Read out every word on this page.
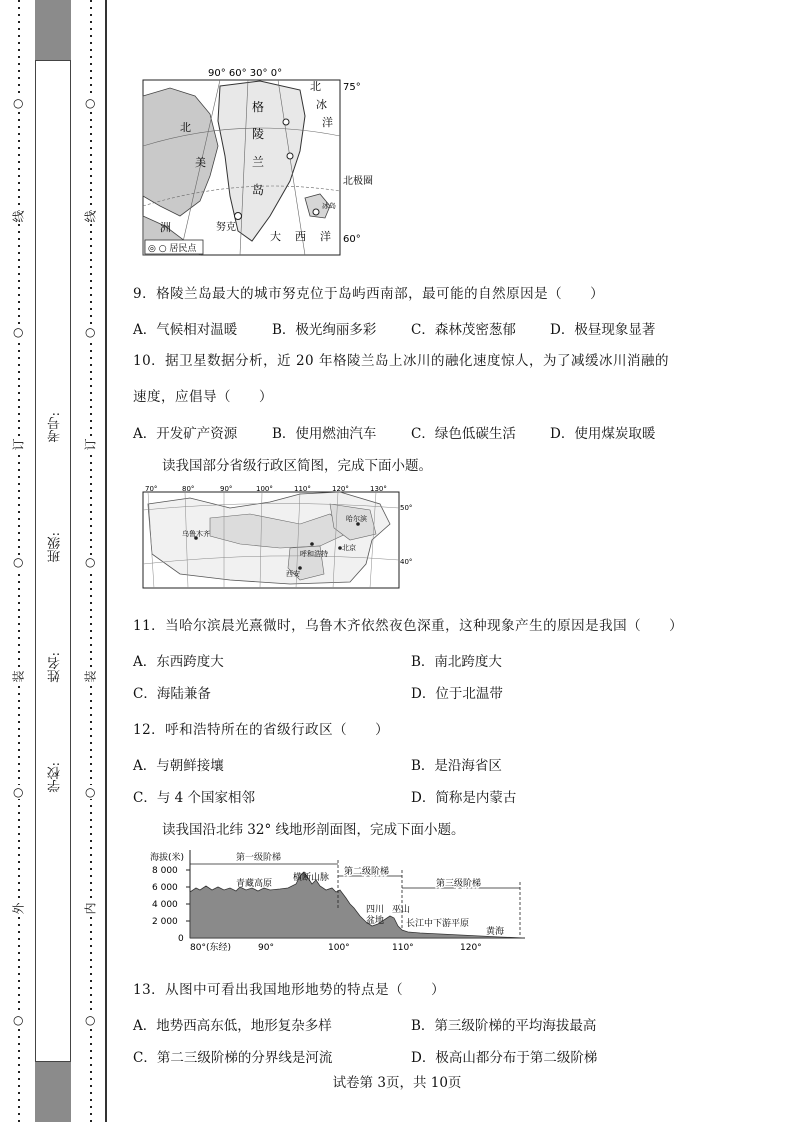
○
线
○
订
○
装
○
外
○
○
线
○
订
○
装
○
内
○
考号:
班级:
姓名:
学校:
◎ ○ 居民点
90° 60° 30° 0°
75°
60°
北极圈
北
冰
洋
格
陵
兰
岛
大 西 洋
北
美
努克
洲
冰岛
9．格陵兰岛最大的城市努克位于岛屿西南部，最可能的自然原因是（　　）
A．气候相对温暖	B．极光绚丽多彩	C．森林茂密葱郁	D．极昼现象显著
10．据卫星数据分析，近 20 年格陵兰岛上冰川的融化速度惊人，为了减缓冰川消融的
速度，应倡导（　　）
A．开发矿产资源	B．使用燃油汽车	C．绿色低碳生活	D．使用煤炭取暖
读我国部分省级行政区简图，完成下面小题。
70°	80°	90°	100°	110°	120°	130°
50°
40°
哈尔滨
乌鲁木齐
呼和浩特
北京
西安
11．当哈尔滨晨光熹微时，乌鲁木齐依然夜色深重，这种现象产生的原因是我国（　　）
A．东西跨度大	B．南北跨度大
C．海陆兼备	D．位于北温带
12．呼和浩特所在的省级行政区（　　）
A．与朝鲜接壤	B．是沿海省区
C．与 4 个国家相邻	D．简称是内蒙古
读我国沿北纬 32° 线地形剖面图，完成下面小题。
海拔(米)
8 000
6 000
4 000
2 000
0
第一级阶梯
第二级阶梯
第三级阶梯
青藏高原
横断山脉
四川
盆地
巫山
长江中下游平原
黄海
80°(东经)	90°	100°	110°	120°
13．从图中可看出我国地形地势的特点是（　　）
A．地势西高东低，地形复杂多样	B．第三级阶梯的平均海拔最高
C．第二三级阶梯的分界线是河流	D．极高山都分布于第二级阶梯
试卷第 3页，共 10页
